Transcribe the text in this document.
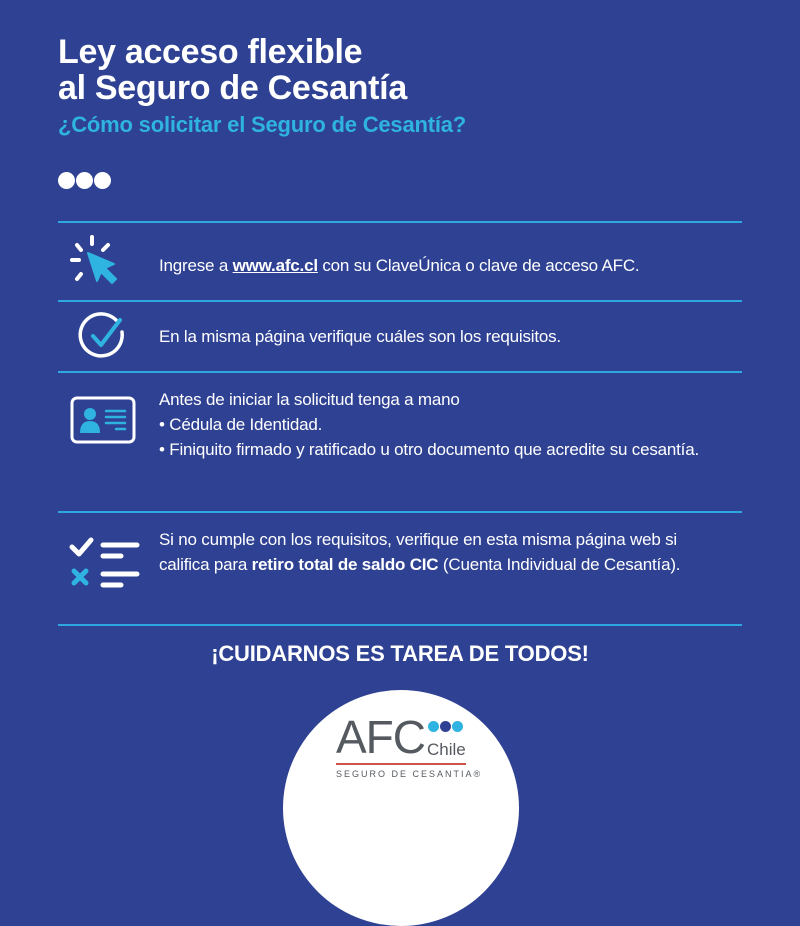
Ley acceso flexible
al Seguro de Cesantía
¿Cómo solicitar el Seguro de Cesantía?
Ingrese a www.afc.cl con su ClaveÚnica o clave de acceso AFC.
En la misma página verifique cuáles son los requisitos.
Antes de iniciar la solicitud tenga a mano
• Cédula de Identidad.
• Finiquito firmado y ratificado u otro documento que acredite su cesantía.
Si no cumple con los requisitos, verifique en esta misma página web si califica para retiro total de saldo CIC (Cuenta Individual de Cesantía).
¡CUIDARNOS ES TAREA DE TODOS!
AFC Chile
SEGURO DE CESANTIA®
